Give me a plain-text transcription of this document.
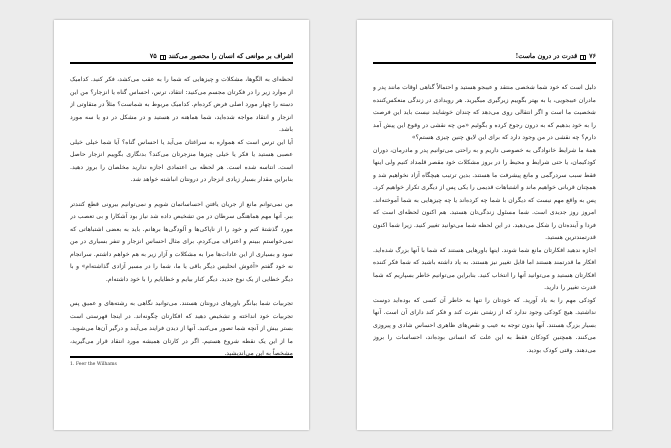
اشراف بر موانعی که انسان را محصور می‌کنند
۷۵

لحظه‌ای به الگوها، مشکلات و چیزهایی که شما را به عقب می‌کشد، فکر کنید. کدامیک از موارد زیر را در فکرتان مجسم می‌کنید: انتقاد، ترس، احساس گناه یا انزجار؟ من این دسته را چهار مورد اصلی فرض کرده‌ام. کدامیک مربوط به شماست؟ مثلاً در متقاوتی از انزجار و انتقاد مواجه شده‌اید، شما هماهنه در هستید و در مشکل در دو یا سه مورد باشد.

آیا این ترس است که همواره به سراغتان می‌آید یا احساس گناه؟ آیا شما خیلی خیلی عصبی هستید یا فکر یا خیلی چیزها منزجرتان می‌کند؟ بدنگاری بگوییم انزجار حاصل است. انتاسه شده است. هر لحظه بی اعتمادی اجازه ندارید مخلصان را بروز دهید. بنابراین مقدار بسیار زیادی انزجار در درونتان انباشته خواهد شد.

من نمی‌توانم مانع از جریان یافتن احساساتمان شویم و نمی‌توانیم بیرونی قطع کنندتر ببر. آنها مهم هماهنگی سرطان در من تشخیص داده شد نیاز بود آشکارا و بی تعصب در مورد گذشتهٔ کتم و خود را از ناپاکی‌ها و آلودگی‌ها برهانم. باید به بعضی اشتباهاتی که نمی‌خواستم ببینم و اعتراف می‌کردم. برای مثال احساس انزجار و تنفر بسیاری در من سود و بسیاری از این عادات‌ها مرا به مشکلات و آزار زیر به هم خواهم داشتم. سرانجام نه خود گفتم «آغوش انحلیس دیگر باقی یا ما، شما را در مسیر آزادی گذاشته‌ام» و با دیگر خطایی از یک نوع جدید. دیگر کنار بیایم و خطایایم را با خود داشته‌ام.

تجربیات شما بیانگر باورهای درونتان هستند. می‌توانید نگاهی به رشته‌های و عمیق پس تجربیات خود انداخته و تشخیص دهید که افکارتان چگونه‌اند. در اینجا فهرستی است بستر بیش از آنچه شما تصور می‌کنید. آنها از دیدن فرایند می‌آیند و درگیر آن‌ها می‌شوید. ما از این یک نقطه شروع هستیم. اگر در کارتان همیشه مورد انتقاد قرار می‌گیرید، مشخصاً به این می‌اندیشید.

1. Feer the Wilhams
۷۶
قدرت در درون ماست!

دلیل است که خود شما شخصی منتقد و عیبجو هستید و احتمالاً گناهی اوقات مانند پدر و مادران عیبجویی، یا به بهتر بگوییم زیرگیری میگیرید. هر رویدادی در زندگی منعکس‌کننده شخصیت ما است و اگر انتقالی روی می‌دهد که چندان خوشایند نیست باید این فرصت را به خود بدهیم که به درون رجوع کرده و بگوئیم «من چه نقشی در وقوع این پیش آمد دارم؟ چه نقشی در من وجود دارد که برای این لایق چنین چیزی هستم؟»

همهٔ ما شرایط خانوادگی به خصوصی داریم و به راحتی می‌توانیم پدر و مادرمان، دوران کودکیمان، یا حتی شرایط و محیط را در بروز مشکلات خود مقصر قلمداد کنیم ولی اینها فقط سبب سردرگمی و مانع پیشرفت ما هستند. بدین ترتیب هیچگاه آزاد نخواهیم شد و همچنان قربانی خواهیم ماند و اشتباهات قدیمی را یکی پس از دیگری تکرار خواهیم کرد. پس به واقع مهم نیست که دیگران با شما چه کرده‌اند یا چه چیزهایی به شما آموخته‌اند. امروز روز جدیدی است. شما مسئول زندگی‌تان هستید. هم اکنون لحظه‌ای است که فردا و آینده‌تان را شکل می‌دهید. در این لحظه شما می‌توانید تغییر کنید. زیرا شما اکنون قدرتمندترین هستید.

اجازه ندهید افکارتان مانع شما شوند. اینها باورهایی هستند که شما با آنها بزرگ شده‌اید. افکار ما قدرتمند هستند اما قابل تغییر نیز هستند. به یاد داشته باشید که شما فکر کننده افکارتان هستید و می‌توانید آنها را انتخاب کنید. بنابراین می‌توانیم خاطر بسپاریم که شما قدرت تغییر را دارید.

کودکی مهم را به یاد آورید. که خودتان را تنها به خاطر آن کسی که بوده‌اید دوست نداشتید. هیچ کودکی وجود ندارد که از زشتی نفرت کند و فکر کند دارای آن است. آنها بسیار بزرگ هستند. آنها بدون توجه به عیب و نقص‌های ظاهری احساس شادی و پیروزی می‌کنند. همچنین کودکان فقط به این علت که انسانی بوده‌اند، احساسات را بروز می‌دهند. وقتی کودک بودید.
